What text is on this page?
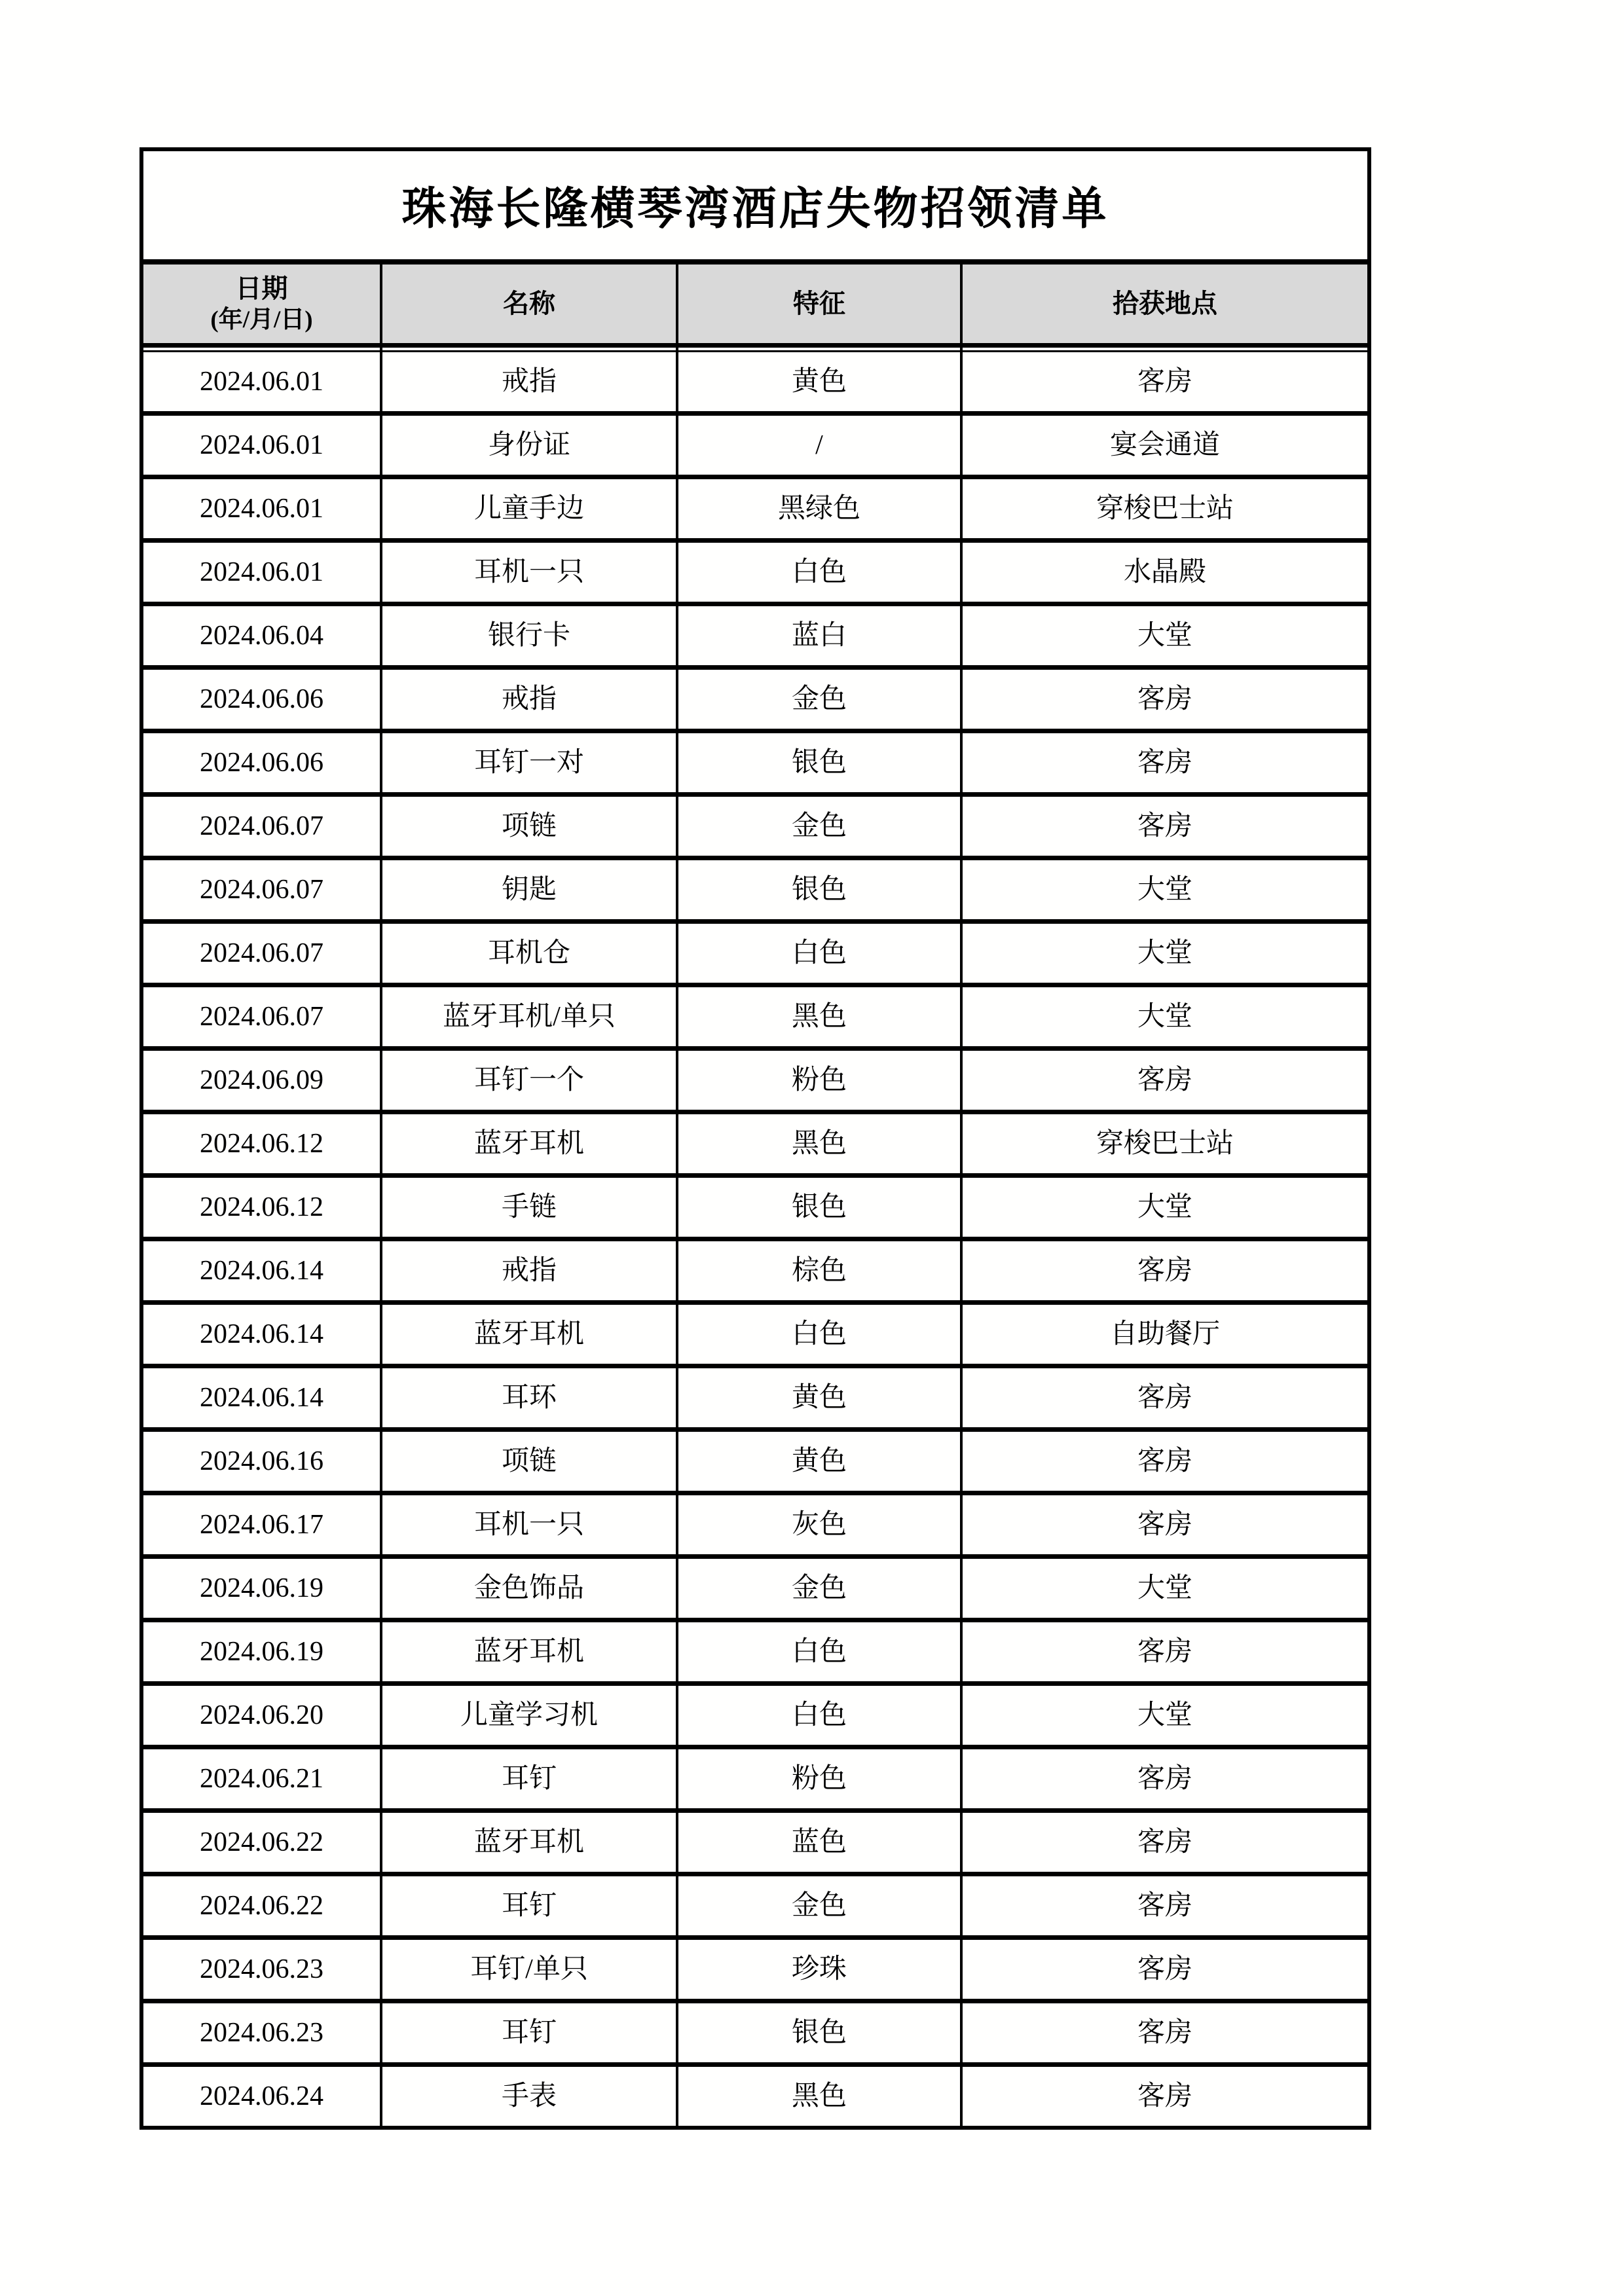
珠海长隆横琴湾酒店失物招领清单			

日期
(年/月/日)	名称	特征	拾获地点

2024.06.01	戒指	黄色	客房
2024.06.01	身份证	/	宴会通道
2024.06.01	儿童手边	黑绿色	穿梭巴士站
2024.06.01	耳机一只	白色	水晶殿
2024.06.04	银行卡	蓝白	大堂
2024.06.06	戒指	金色	客房
2024.06.06	耳钉一对	银色	客房
2024.06.07	项链	金色	客房
2024.06.07	钥匙	银色	大堂
2024.06.07	耳机仓	白色	大堂
2024.06.07	蓝牙耳机/单只	黑色	大堂
2024.06.09	耳钉一个	粉色	客房
2024.06.12	蓝牙耳机	黑色	穿梭巴士站
2024.06.12	手链	银色	大堂
2024.06.14	戒指	棕色	客房
2024.06.14	蓝牙耳机	白色	自助餐厅
2024.06.14	耳环	黄色	客房
2024.06.16	项链	黄色	客房
2024.06.17	耳机一只	灰色	客房
2024.06.19	金色饰品	金色	大堂
2024.06.19	蓝牙耳机	白色	客房
2024.06.20	儿童学习机	白色	大堂
2024.06.21	耳钉	粉色	客房
2024.06.22	蓝牙耳机	蓝色	客房
2024.06.22	耳钉	金色	客房
2024.06.23	耳钉/单只	珍珠	客房
2024.06.23	耳钉	银色	客房
2024.06.24	手表	黑色	客房
